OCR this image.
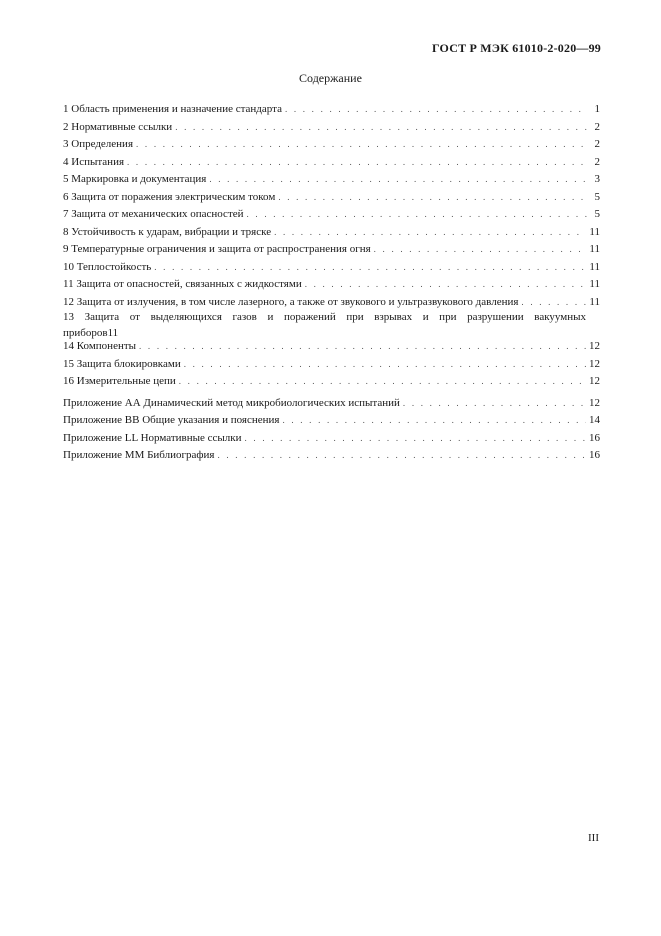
ГОСТ Р МЭК 61010-2-020—99
Содержание
1 Область применения и назначение стандарта . . .	1
2 Нормативные ссылки . . .	2
3 Определения . . .	2
4 Испытания . . .	2
5 Маркировка и документация . . .	3
6 Защита от поражения электрическим током . . .	5
7 Защита от механических опасностей . . .	5
8 Устойчивость к ударам, вибрации и тряске . . .	11
9 Температурные ограничения и защита от распространения огня . . .	11
10 Теплостойкость . . .	11
11 Защита от опасностей, связанных с жидкостями . . .	11
12 Защита от излучения, в том числе лазерного, а также от звукового и ультразвукового давления . . .	11
13 Защита от выделяющихся газов и поражений при взрывах и при разрушении вакуумных
приборов 11
14 Компоненты . . .	12
15 Защита блокировками . . .	12
16 Измерительные цепи . . .	12
Приложение АА Динамический метод микробиологических испытаний . . .	12
Приложение ВВ Общие указания и пояснения . . .	14
Приложение LL Нормативные ссылки . . .	16
Приложение ММ Библиография . . .	16
III
